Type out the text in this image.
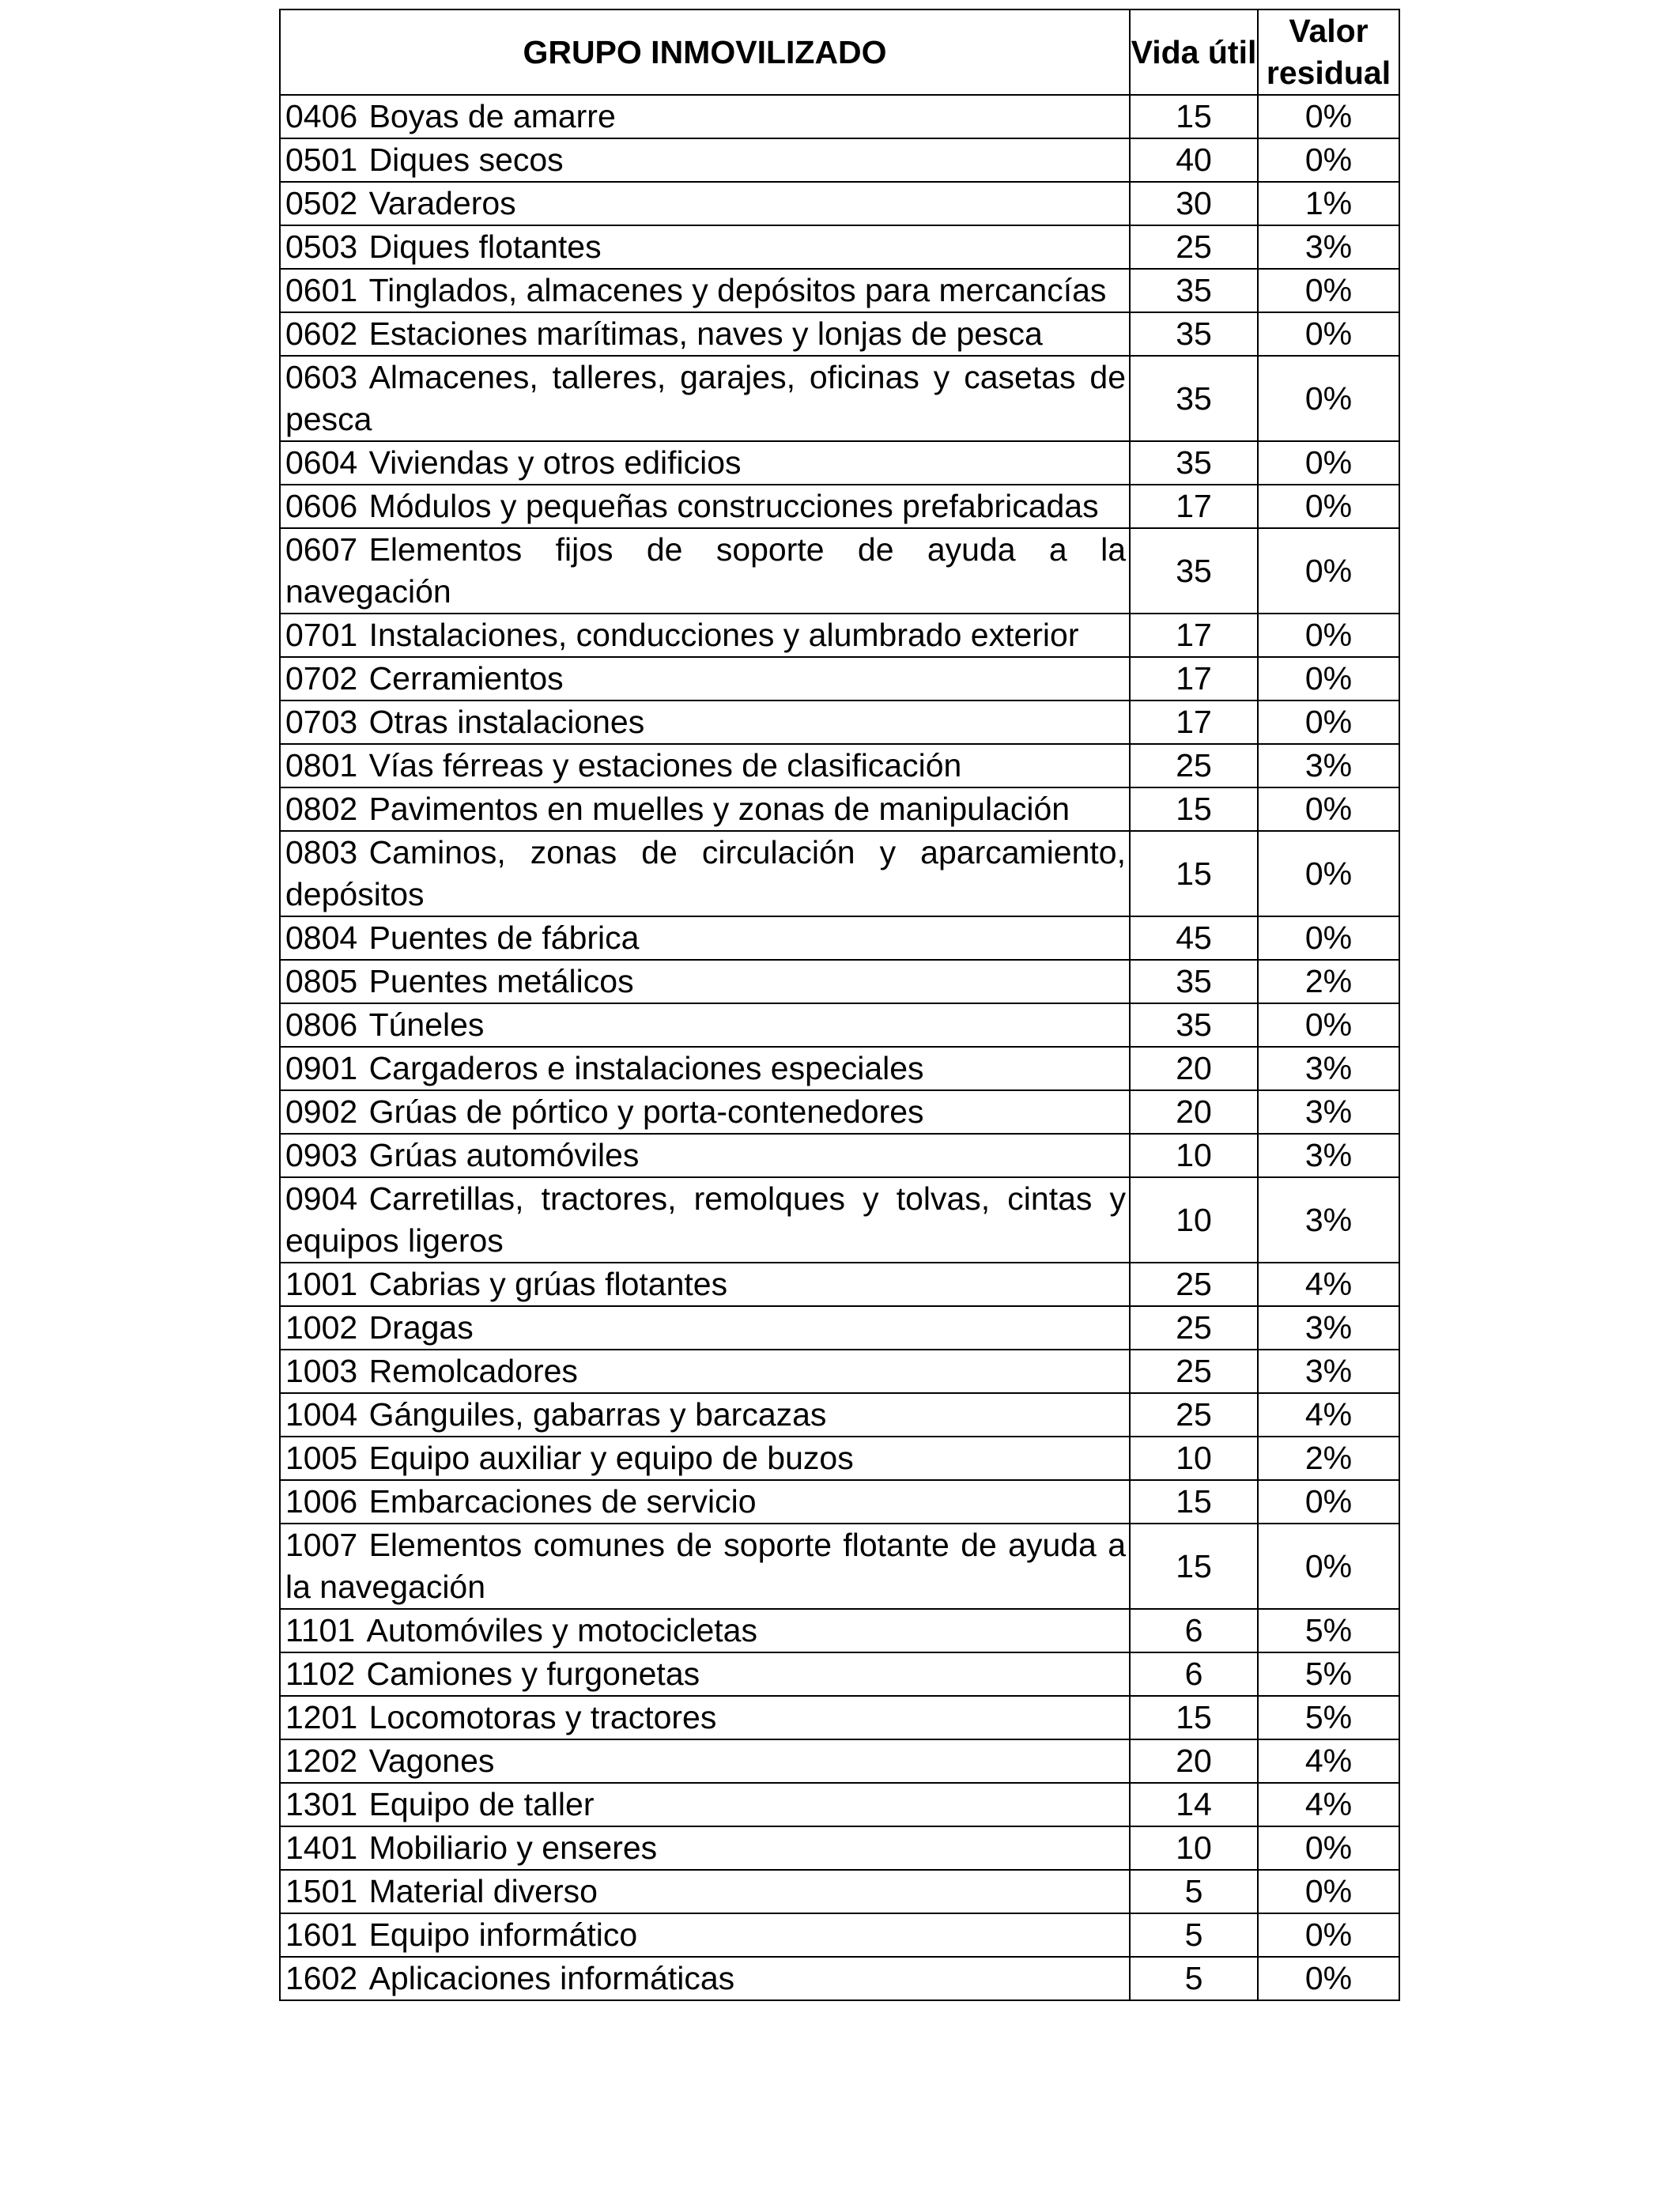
GRUPO INMOVILIZADO	Vida útil	Valor residual
0406 Boyas de amarre	15	0%
0501 Diques secos	40	0%
0502 Varaderos	30	1%
0503 Diques flotantes	25	3%
0601 Tinglados, almacenes y depósitos para mercancías	35	0%
0602 Estaciones marítimas, naves y lonjas de pesca	35	0%
0603 Almacenes, talleres, garajes, oficinas y casetas de pesca	35	0%
0604 Viviendas y otros edificios	35	0%
0606 Módulos y pequeñas construcciones prefabricadas	17	0%
0607 Elementos fijos de soporte de ayuda a la navegación	35	0%
0701 Instalaciones, conducciones y alumbrado exterior	17	0%
0702 Cerramientos	17	0%
0703 Otras instalaciones	17	0%
0801 Vías férreas y estaciones de clasificación	25	3%
0802 Pavimentos en muelles y zonas de manipulación	15	0%
0803 Caminos, zonas de circulación y aparcamiento, depósitos	15	0%
0804 Puentes de fábrica	45	0%
0805 Puentes metálicos	35	2%
0806 Túneles	35	0%
0901 Cargaderos e instalaciones especiales	20	3%
0902 Grúas de pórtico y porta-contenedores	20	3%
0903 Grúas automóviles	10	3%
0904 Carretillas, tractores, remolques y tolvas, cintas y equipos ligeros	10	3%
1001 Cabrias y grúas flotantes	25	4%
1002 Dragas	25	3%
1003 Remolcadores	25	3%
1004 Gánguiles, gabarras y barcazas	25	4%
1005 Equipo auxiliar y equipo de buzos	10	2%
1006 Embarcaciones de servicio	15	0%
1007 Elementos comunes de soporte flotante de ayuda a la navegación	15	0%
1101 Automóviles y motocicletas	6	5%
1102 Camiones y furgonetas	6	5%
1201 Locomotoras y tractores	15	5%
1202 Vagones	20	4%
1301 Equipo de taller	14	4%
1401 Mobiliario y enseres	10	0%
1501 Material diverso	5	0%
1601 Equipo informático	5	0%
1602 Aplicaciones informáticas	5	0%
